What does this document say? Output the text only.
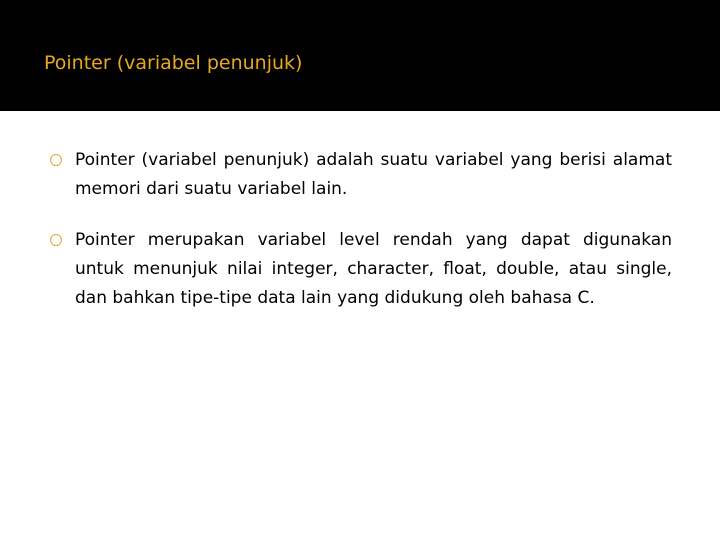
Pointer (variabel penunjuk)
Pointer (variabel penunjuk) adalah suatu variabel yang berisi alamat memori dari suatu variabel lain.
Pointer merupakan variabel level rendah yang dapat digunakan untuk menunjuk nilai integer, character, float, double, atau single, dan bahkan tipe-tipe data lain yang didukung oleh bahasa C.
